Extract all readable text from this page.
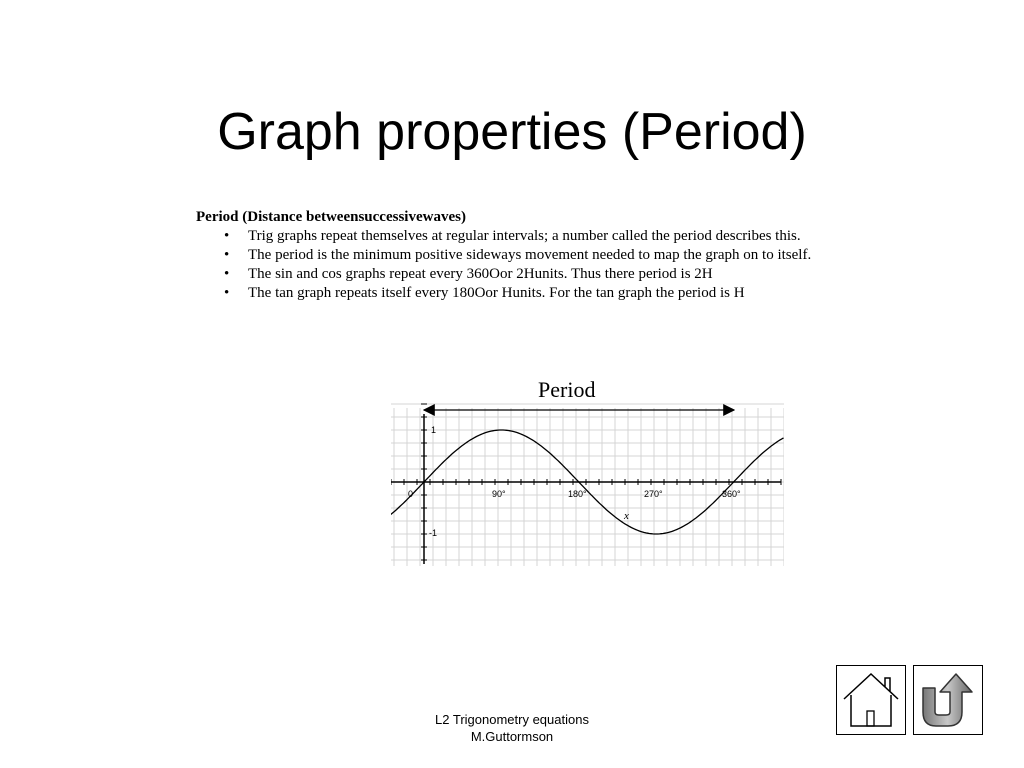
Graph properties (Period)
Period (Distance betweensuccessivewaves)
• Trig graphs repeat themselves at regular intervals; a number called the period describes this.
• The period is the minimum positive sideways movement needed to map the graph on to itself.
• The sin and cos graphs repeat every 360Oor 2Hunits. Thus there period is 2H
• The tan graph repeats itself every 180Oor Hunits. For the tan graph the period is H
Period
0	90°	180°	270°	360°
1
-1
x
L2 Trigonometry equations
M.Guttormson
